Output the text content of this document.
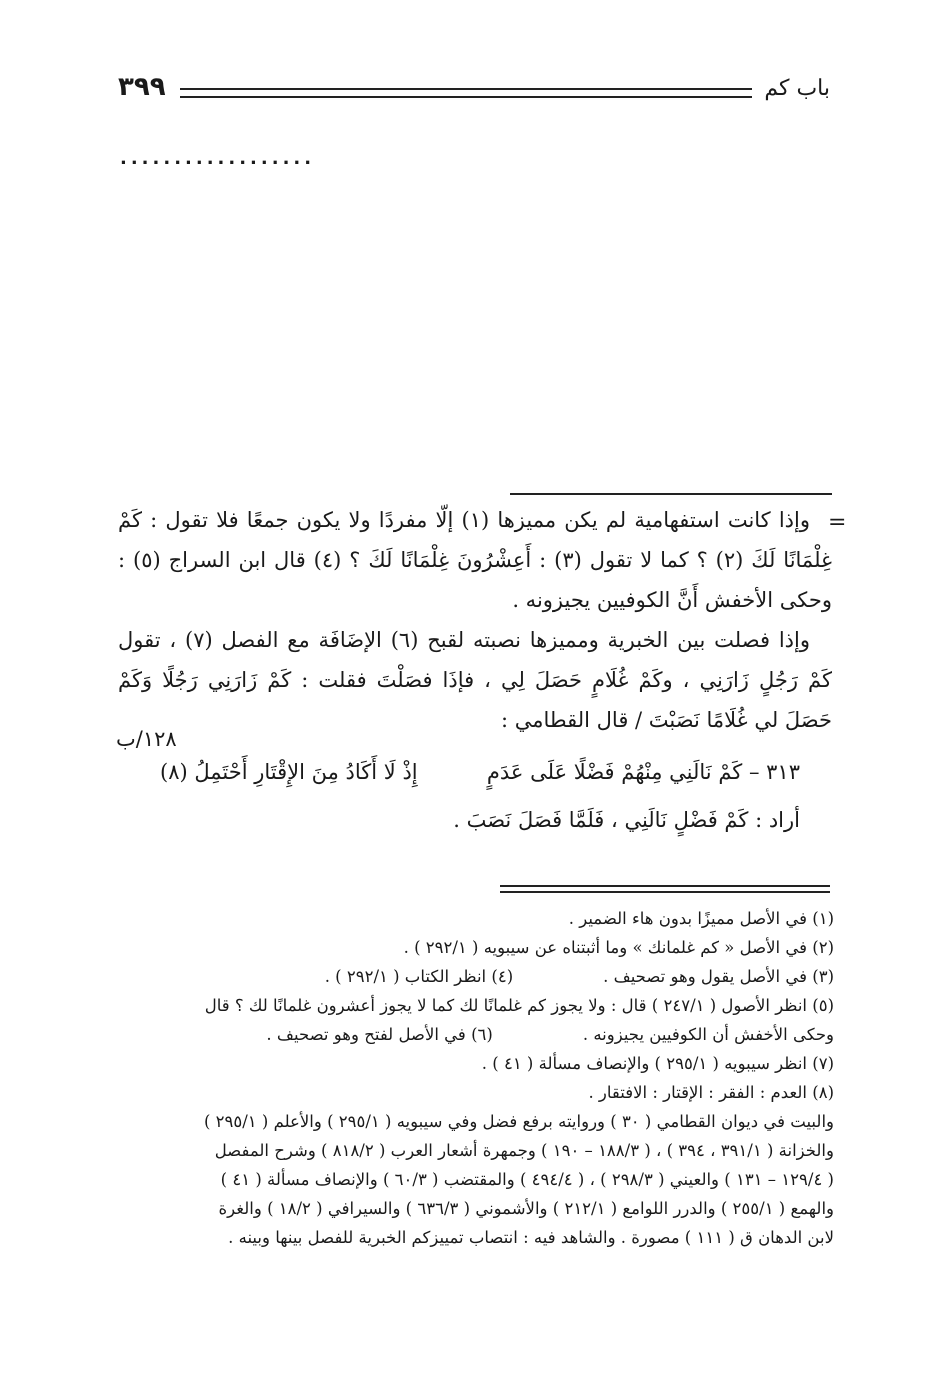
٣٩٩	باب كم
..................
=

وإذا كانت استفهامية لم يكن مميزها (١) إلّا مفردًا ولا يكون جمعًا فلا تقول : كَمْ غِلْمَانًا لَكَ (٢) ؟ كما لا تقول (٣) : أَعِشْرُونَ غِلْمَانًا لَكَ ؟ (٤) قال ابن السراج (٥) : وحكى الأخفش أَنَّ الكوفيين يجيزونه .

وإذا فصلت بين الخبرية ومميزها نصبته لقبح (٦) الإضَافَة مع الفصل (٧) ، تقول كَمْ رَجُلٍ زَارَنِي ، وكَمْ غُلَامٍ حَصَلَ لِي ، فإذَا فصَلْتَ فقلت : كَمْ زَارَنِي رَجُلًا وَكَمْ حَصَلَ لي غُلَامًا نَصَبْتَ / قال القطامي :

١٢٨/ب
٣١٣ – كَمْ نَالَنِي مِنْهُمْ فَضْلًا عَلَى عَدَمٍ
إِذْ لَا أَكَادُ مِنَ الإِقْتَارِ أَحْتَمِلُ (٨)
أراد : كَمْ فَضْلٍ نَالَنِي ، فَلَمَّا فَصَلَ نَصَبَ .

(١) في الأصل مميزًا بدون هاء الضمير .

(٢) في الأصل « كم غلمانك » وما أثبتناه عن سيبويه ( ٢٩٢/١ ) .

(٣) في الأصل يقول وهو تصحيف .
(٤) انظر الكتاب ( ٢٩٢/١ ) .

(٥) انظر الأصول ( ٢٤٧/١ ) قال : ولا يجوز كم غلمانًا لك كما لا يجوز أعشرون غلمانًا لك ؟ قال

وحكى الأخفش أن الكوفيين يجيزونه .
(٦) في الأصل لفتح وهو تصحيف .

(٧) انظر سيبويه ( ٢٩٥/١ ) والإنصاف مسألة ( ٤١ ) .

(٨) العدم : الفقر : الإقتار : الافتقار .

والبيت في ديوان القطامي ( ٣٠ ) وروايته برفع فضل وفي سيبويه ( ٢٩٥/١ ) والأعلم ( ٢٩٥/١ )

والخزانة ( ٣٩١/١ ، ٣٩٤ ) ، ( ١٨٨/٣ – ١٩٠ ) وجمهرة أشعار العرب ( ٨١٨/٢ ) وشرح المفصل

( ١٢٩/٤ – ١٣١ ) والعيني ( ٢٩٨/٣ ) ، ( ٤٩٤/٤ ) والمقتضب ( ٦٠/٣ ) والإنصاف مسألة ( ٤١ )

والهمع ( ٢٥٥/١ ) والدرر اللوامع ( ٢١٢/١ ) والأشموني ( ٦٣٦/٣ ) والسيرافي ( ١٨/٢ ) والغرة

لابن الدهان ق ( ١١١ ) مصورة . والشاهد فيه : انتصاب تمييزكم الخبرية للفصل بينها وبينه .
